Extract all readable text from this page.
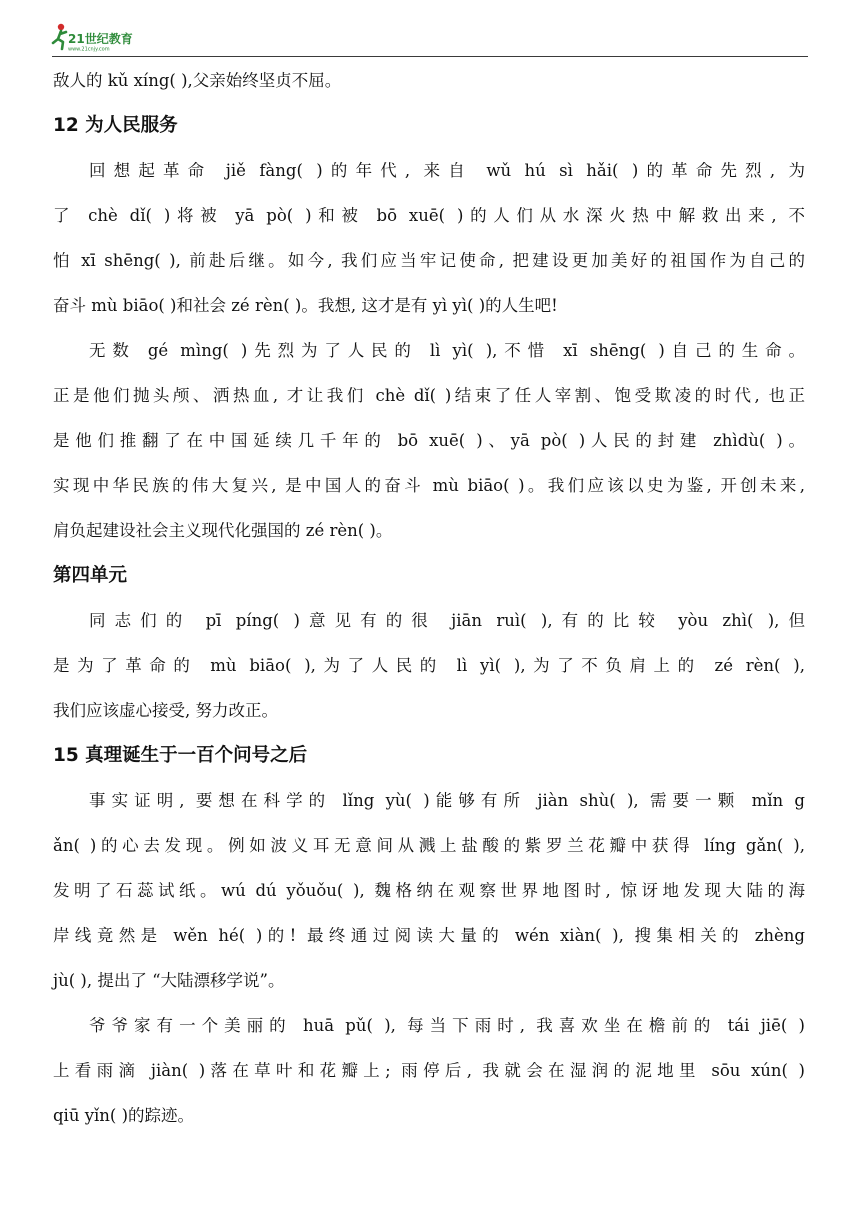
21世纪教育
www.21cnjy.com
敌人的 kǔ xíng( ),父亲始终坚贞不屈。
12 为人民服务
回想起革命 jiě fàng( )的年代, 来自 wǔ hú sì hǎi( )的革命先烈, 为
了 chè dǐ( )将被 yā pò( )和被 bō xuē( )的人们从水深火热中解救出来, 不
怕 xī shēng( ), 前赴后继。如今, 我们应当牢记使命, 把建设更加美好的祖国作为自己的
奋斗 mù biāo( )和社会 zé rèn( )。我想, 这才是有 yì yì( )的人生吧!
无数 gé mìng( )先烈为了人民的 lì yì( ),不惜 xī shēng( )自己的生命。
正是他们抛头颅、洒热血, 才让我们 chè dǐ( )结束了任人宰割、饱受欺凌的时代, 也正
是他们推翻了在中国延续几千年的 bō xuē( )、yā pò( )人民的封建 zhìdù( )。
实现中华民族的伟大复兴, 是中国人的奋斗 mù biāo( )。我们应该以史为鉴, 开创未来,
肩负起建设社会主义现代化强国的 zé rèn( )。
第四单元
同志们的 pī píng( )意见有的很 jiān ruì( ),有的比较 yòu zhì( ),但
是为了革命的 mù biāo( ),为了人民的 lì yì( ),为了不负肩上的 zé rèn( ),
我们应该虚心接受, 努力改正。
15 真理诞生于一百个问号之后
事实证明, 要想在科学的 lǐng yù( )能够有所 jiàn shù( ), 需要一颗 mǐn g
ǎn( )的心去发现。例如波义耳无意间从溅上盐酸的紫罗兰花瓣中获得 líng gǎn( ),
发明了石蕊试纸。wú dú yǒuǒu( ), 魏格纳在观察世界地图时, 惊讶地发现大陆的海
岸线竟然是 wěn hé( )的! 最终通过阅读大量的 wén xiàn( ), 搜集相关的 zhèng
jù( ), 提出了 “大陆漂移学说”。
爷爷家有一个美丽的 huā pǔ( ), 每当下雨时, 我喜欢坐在檐前的 tái jiē( )
上看雨滴 jiàn( )落在草叶和花瓣上; 雨停后, 我就会在湿润的泥地里 sōu xún( )
qiū yǐn( )的踪迹。
